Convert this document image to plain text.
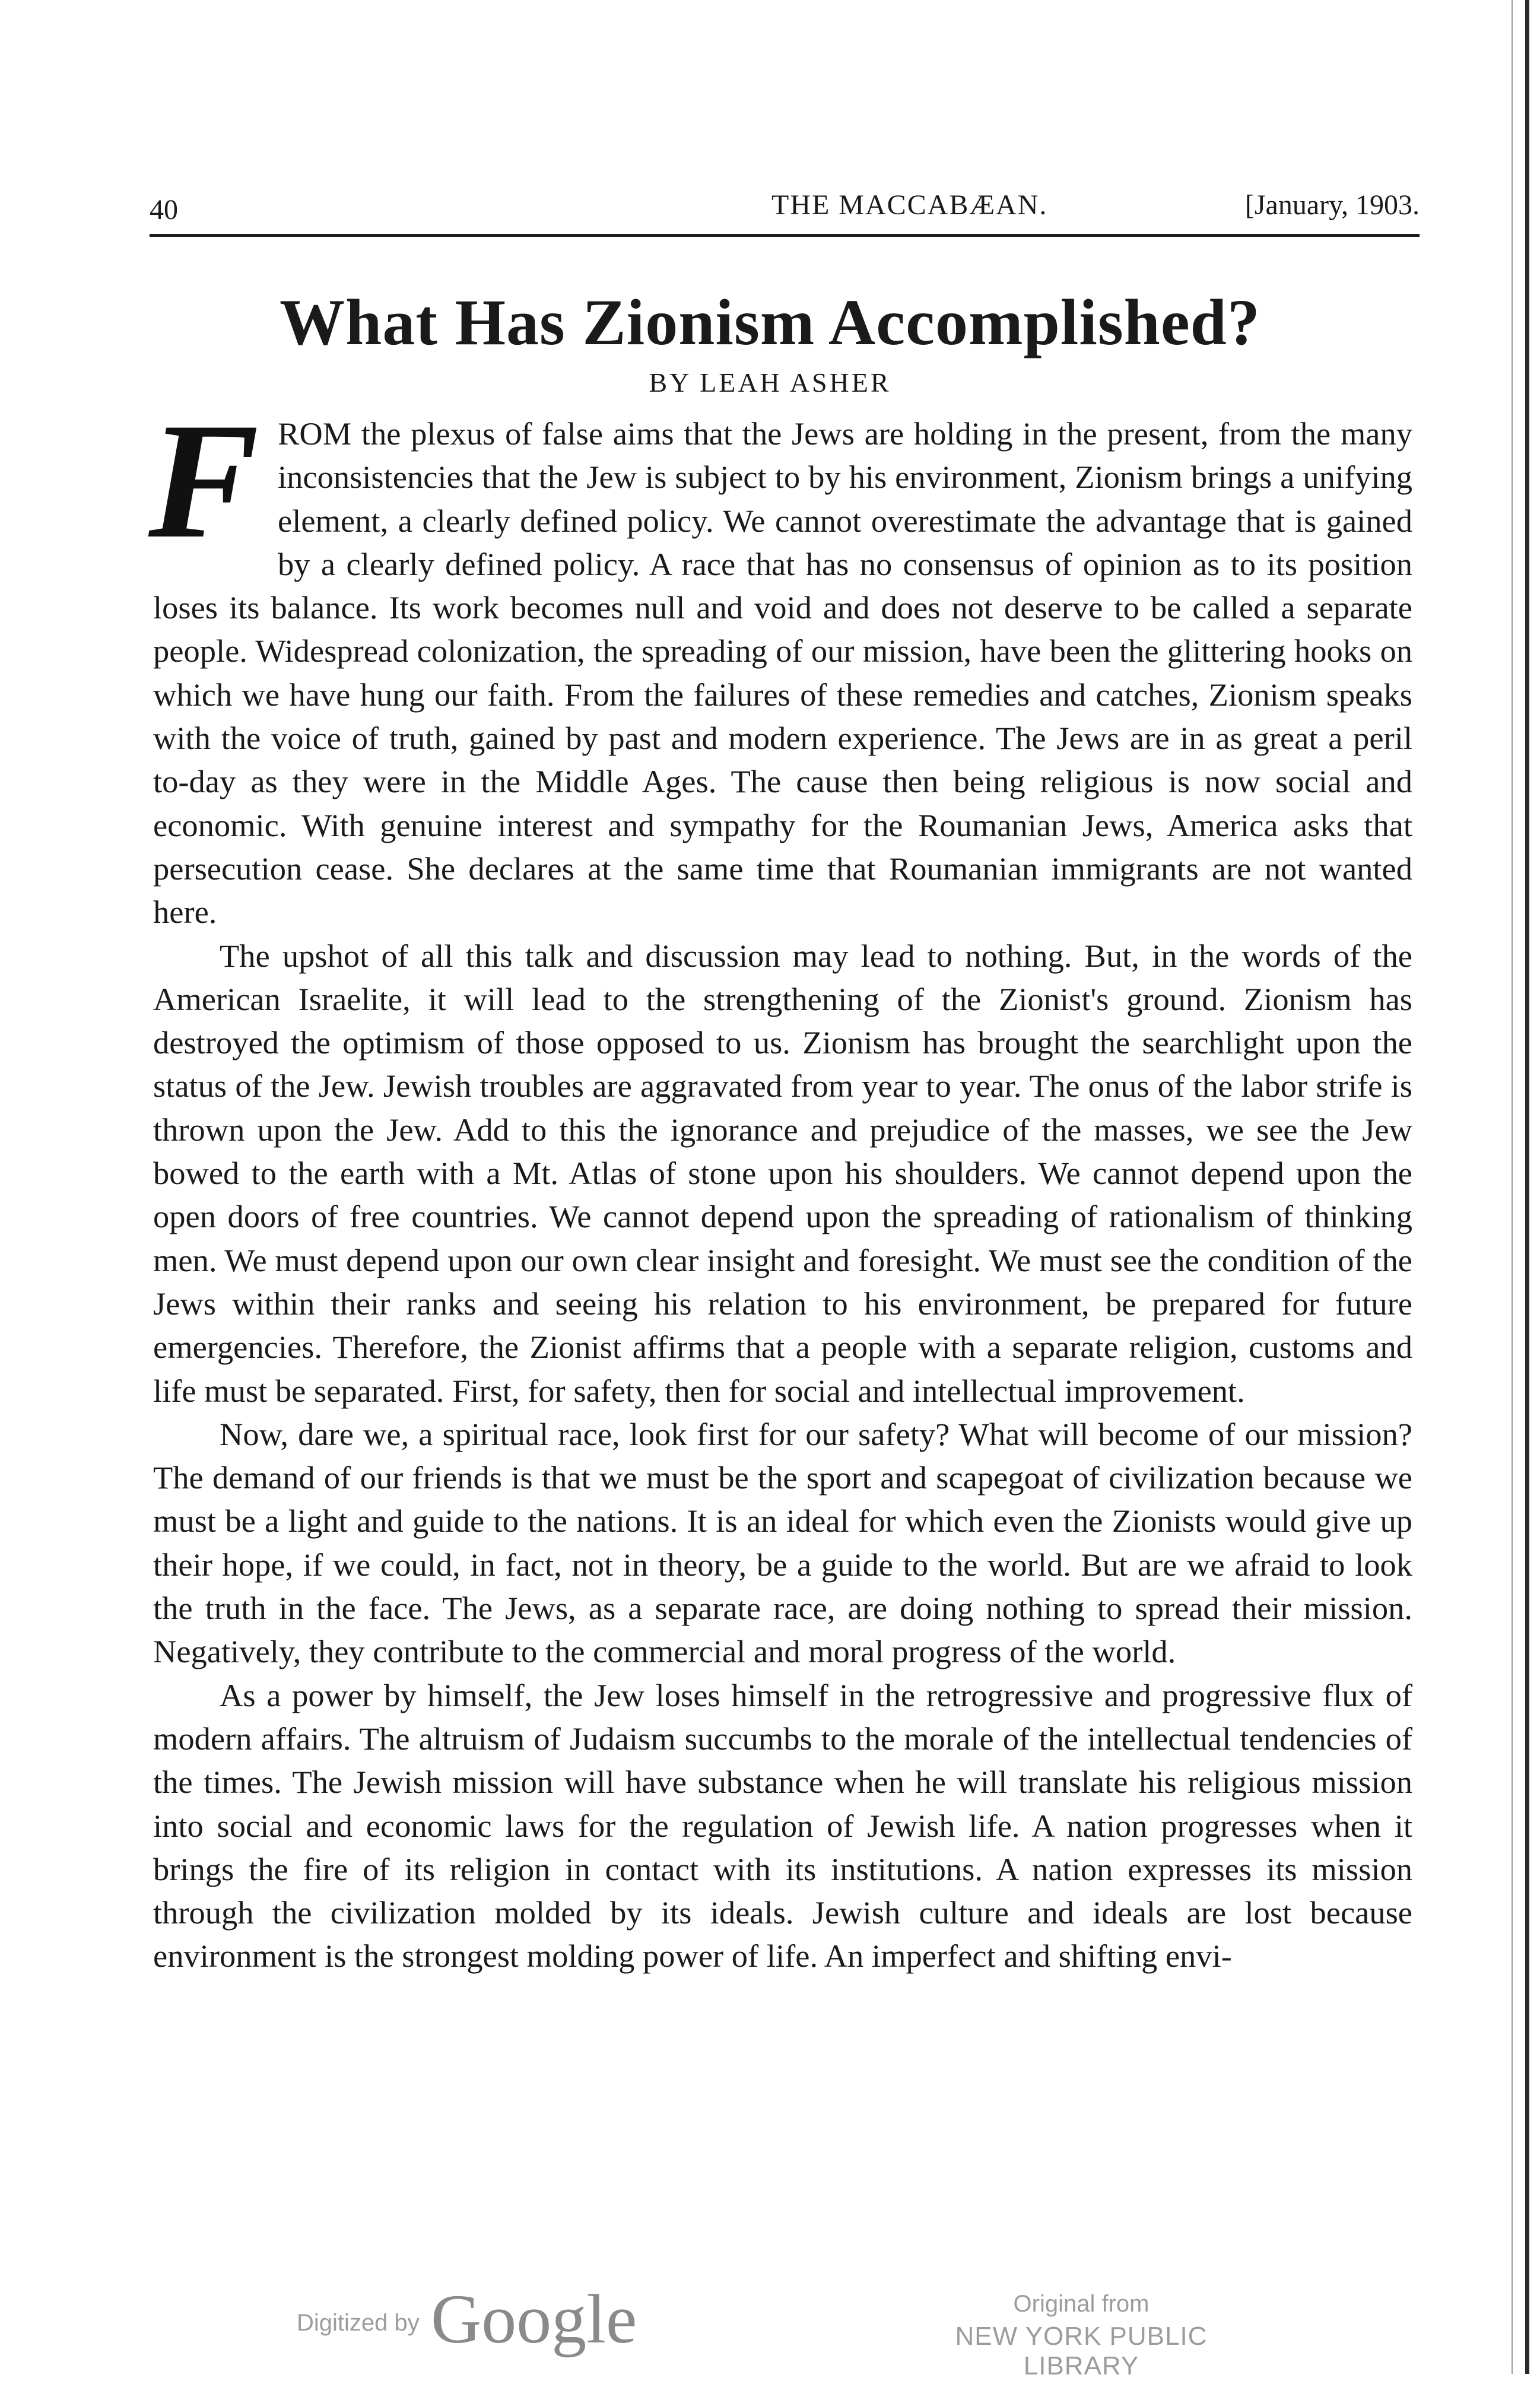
40	THE MACCABÆAN.	[January, 1903.
What Has Zionism Accomplished?
BY LEAH ASHER

FROM the plexus of false aims that the Jews are holding in the present, from the many inconsistencies that the Jew is subject to by his environment, Zionism brings a unifying element, a clearly defined policy. We cannot overestimate the advantage that is gained by a clearly defined policy. A race that has no consensus of opinion as to its position loses its balance. Its work becomes null and void and does not deserve to be called a separate people. Widespread colonization, the spreading of our mission, have been the glittering hooks on which we have hung our faith. From the failures of these remedies and catches, Zionism speaks with the voice of truth, gained by past and modern experience. The Jews are in as great a peril to-day as they were in the Middle Ages. The cause then being religious is now social and economic. With genuine interest and sympathy for the Roumanian Jews, America asks that persecution cease. She declares at the same time that Roumanian immigrants are not wanted here.

The upshot of all this talk and discussion may lead to nothing. But, in the words of the American Israelite, it will lead to the strengthening of the Zionist's ground. Zionism has destroyed the optimism of those opposed to us. Zionism has brought the searchlight upon the status of the Jew. Jewish troubles are aggravated from year to year. The onus of the labor strife is thrown upon the Jew. Add to this the ignorance and prejudice of the masses, we see the Jew bowed to the earth with a Mt. Atlas of stone upon his shoulders. We cannot depend upon the open doors of free countries. We cannot depend upon the spreading of rationalism of thinking men. We must depend upon our own clear insight and foresight. We must see the condition of the Jews within their ranks and seeing his relation to his environment, be prepared for future emergencies. Therefore, the Zionist affirms that a people with a separate religion, customs and life must be separated. First, for safety, then for social and intellectual improvement.

Now, dare we, a spiritual race, look first for our safety? What will become of our mission? The demand of our friends is that we must be the sport and scapegoat of civilization because we must be a light and guide to the nations. It is an ideal for which even the Zionists would give up their hope, if we could, in fact, not in theory, be a guide to the world. But are we afraid to look the truth in the face. The Jews, as a separate race, are doing nothing to spread their mission. Negatively, they contribute to the commercial and moral progress of the world.

As a power by himself, the Jew loses himself in the retrogressive and progressive flux of modern affairs. The altruism of Judaism succumbs to the morale of the intellectual tendencies of the times. The Jewish mission will have substance when he will translate his religious mission into social and economic laws for the regulation of Jewish life. A nation progresses when it brings the fire of its religion in contact with its institutions. A nation expresses its mission through the civilization molded by its ideals. Jewish culture and ideals are lost because environment is the strongest molding power of life. An imperfect and shifting envi-

Digitized by Google	Original from
NEW YORK PUBLIC LIBRARY
